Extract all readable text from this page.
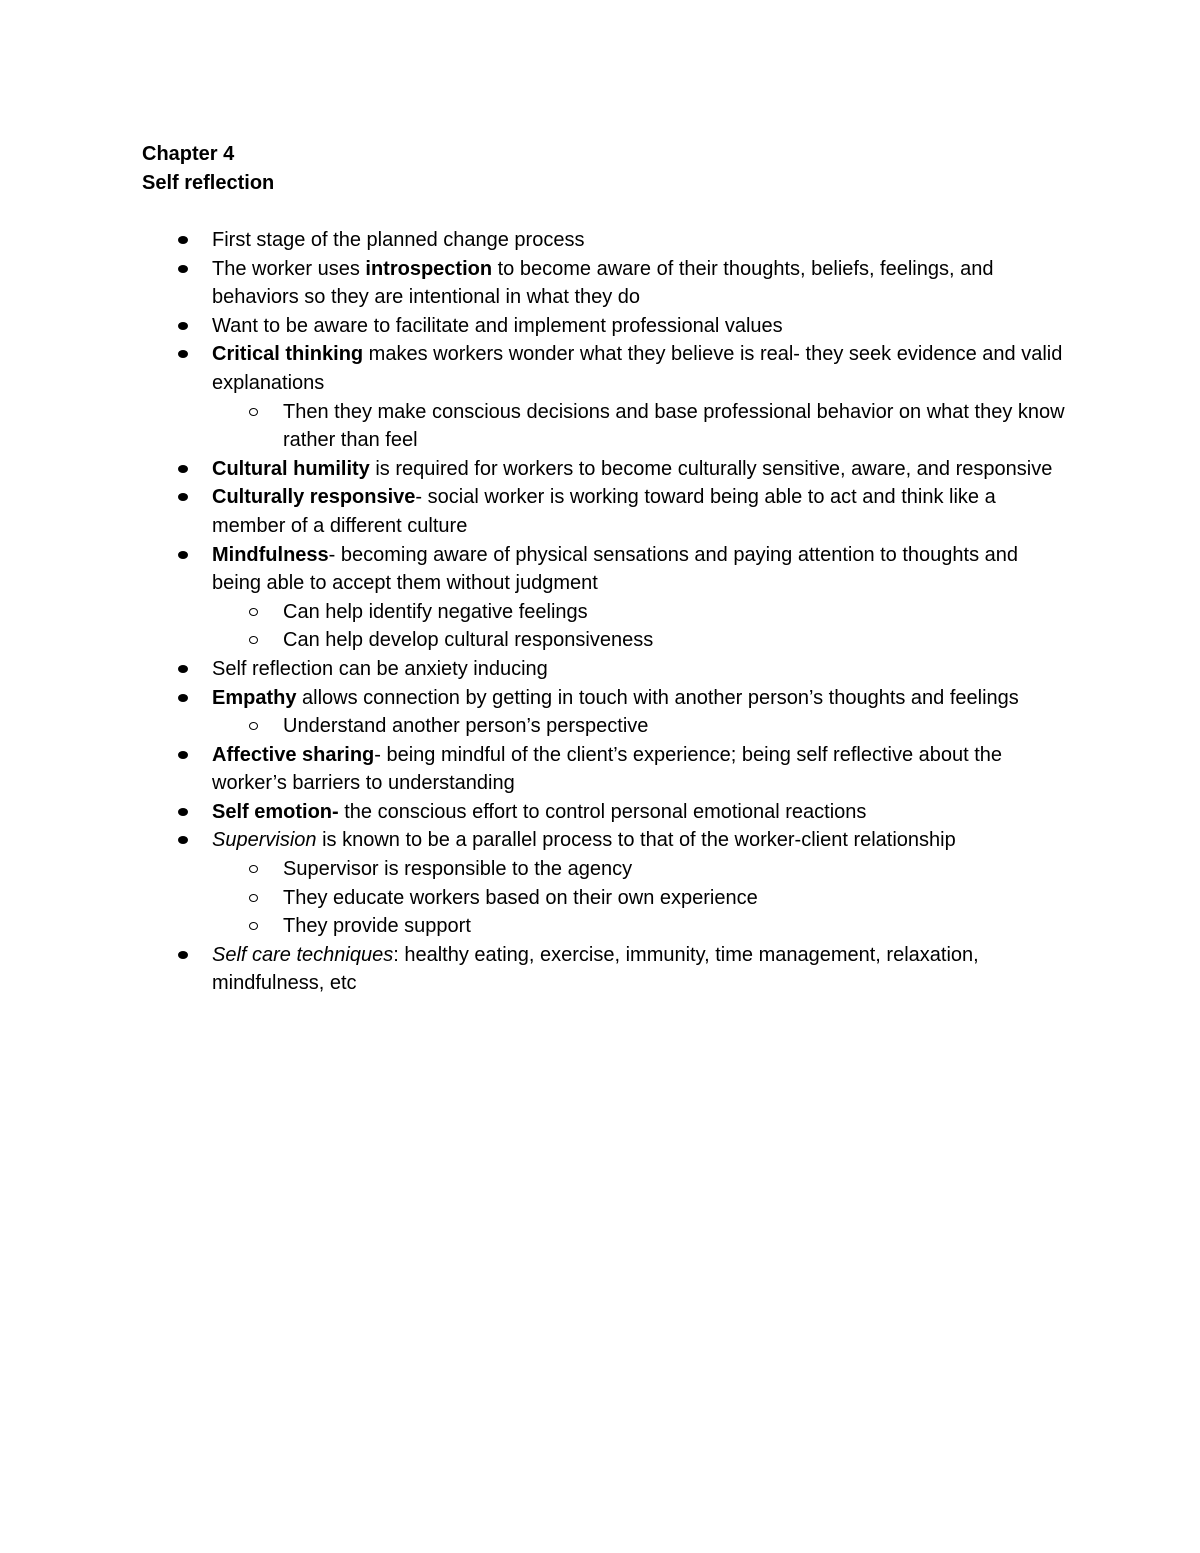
Chapter 4

Self reflection

First stage of the planned change process
The worker uses introspection to become aware of their thoughts, beliefs, feelings, and behaviors so they are intentional in what they do
Want to be aware to facilitate and implement professional values
Critical thinking makes workers wonder what they believe is real- they seek evidence and valid explanations
Then they make conscious decisions and base professional behavior on what they know rather than feel
Cultural humility is required for workers to become culturally sensitive, aware, and responsive
Culturally responsive- social worker is working toward being able to act and think like a member of a different culture
Mindfulness- becoming aware of physical sensations and paying attention to thoughts and being able to accept them without judgment
Can help identify negative feelings
Can help develop cultural responsiveness
Self reflection can be anxiety inducing
Empathy allows connection by getting in touch with another person’s thoughts and feelings
Understand another person’s perspective
Affective sharing- being mindful of the client’s experience; being self reflective about the worker’s barriers to understanding
Self emotion- the conscious effort to control personal emotional reactions
Supervision is known to be a parallel process to that of the worker-client relationship
Supervisor is responsible to the agency
They educate workers based on their own experience
They provide support
Self care techniques: healthy eating, exercise, immunity, time management, relaxation, mindfulness, etc
